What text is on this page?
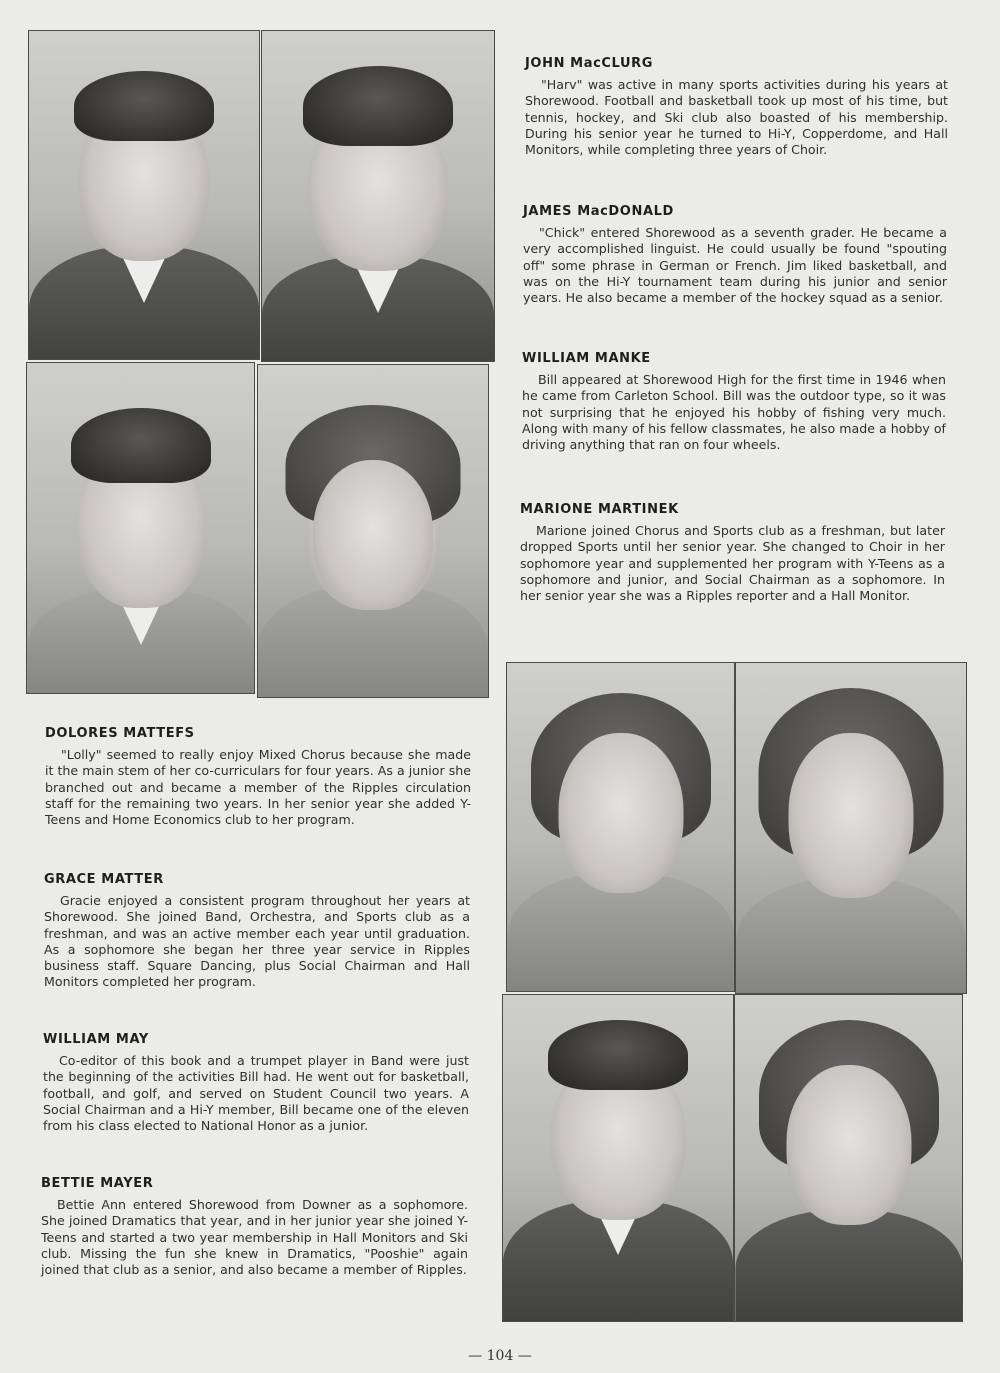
JOHN MacCLURG

"Harv" was active in many sports activities during his years at Shorewood. Football and basketball took up most of his time, but tennis, hockey, and Ski club also boasted of his membership. During his senior year he turned to Hi-Y, Copperdome, and Hall Monitors, while completing three years of Choir.

JAMES MacDONALD

"Chick" entered Shorewood as a seventh grader. He became a very accomplished linguist. He could usually be found "spouting off" some phrase in German or French. Jim liked basketball, and was on the Hi-Y tournament team during his junior and senior years. He also became a member of the hockey squad as a senior.

WILLIAM MANKE

Bill appeared at Shorewood High for the first time in 1946 when he came from Carleton School. Bill was the outdoor type, so it was not surprising that he enjoyed his hobby of fishing very much. Along with many of his fellow classmates, he also made a hobby of driving anything that ran on four wheels.

MARIONE MARTINEK

Marione joined Chorus and Sports club as a freshman, but later dropped Sports until her senior year. She changed to Choir in her sophomore year and supplemented her program with Y-Teens as a sophomore and junior, and Social Chairman as a sophomore. In her senior year she was a Ripples reporter and a Hall Monitor.

DOLORES MATTEFS

"Lolly" seemed to really enjoy Mixed Chorus because she made it the main stem of her co-curriculars for four years. As a junior she branched out and became a member of the Ripples circulation staff for the remaining two years. In her senior year she added Y-Teens and Home Economics club to her program.

GRACE MATTER

Gracie enjoyed a consistent program throughout her years at Shorewood. She joined Band, Orchestra, and Sports club as a freshman, and was an active member each year until graduation. As a sophomore she began her three year service in Ripples business staff. Square Dancing, plus Social Chairman and Hall Monitors completed her program.

WILLIAM MAY

Co-editor of this book and a trumpet player in Band were just the beginning of the activities Bill had. He went out for basketball, football, and golf, and served on Student Council two years. A Social Chairman and a Hi-Y member, Bill became one of the eleven from his class elected to National Honor as a junior.

BETTIE MAYER

Bettie Ann entered Shorewood from Downer as a sophomore. She joined Dramatics that year, and in her junior year she joined Y-Teens and started a two year membership in Hall Monitors and Ski club. Missing the fun she knew in Dramatics, "Pooshie" again joined that club as a senior, and also became a member of Ripples.

— 104 —
